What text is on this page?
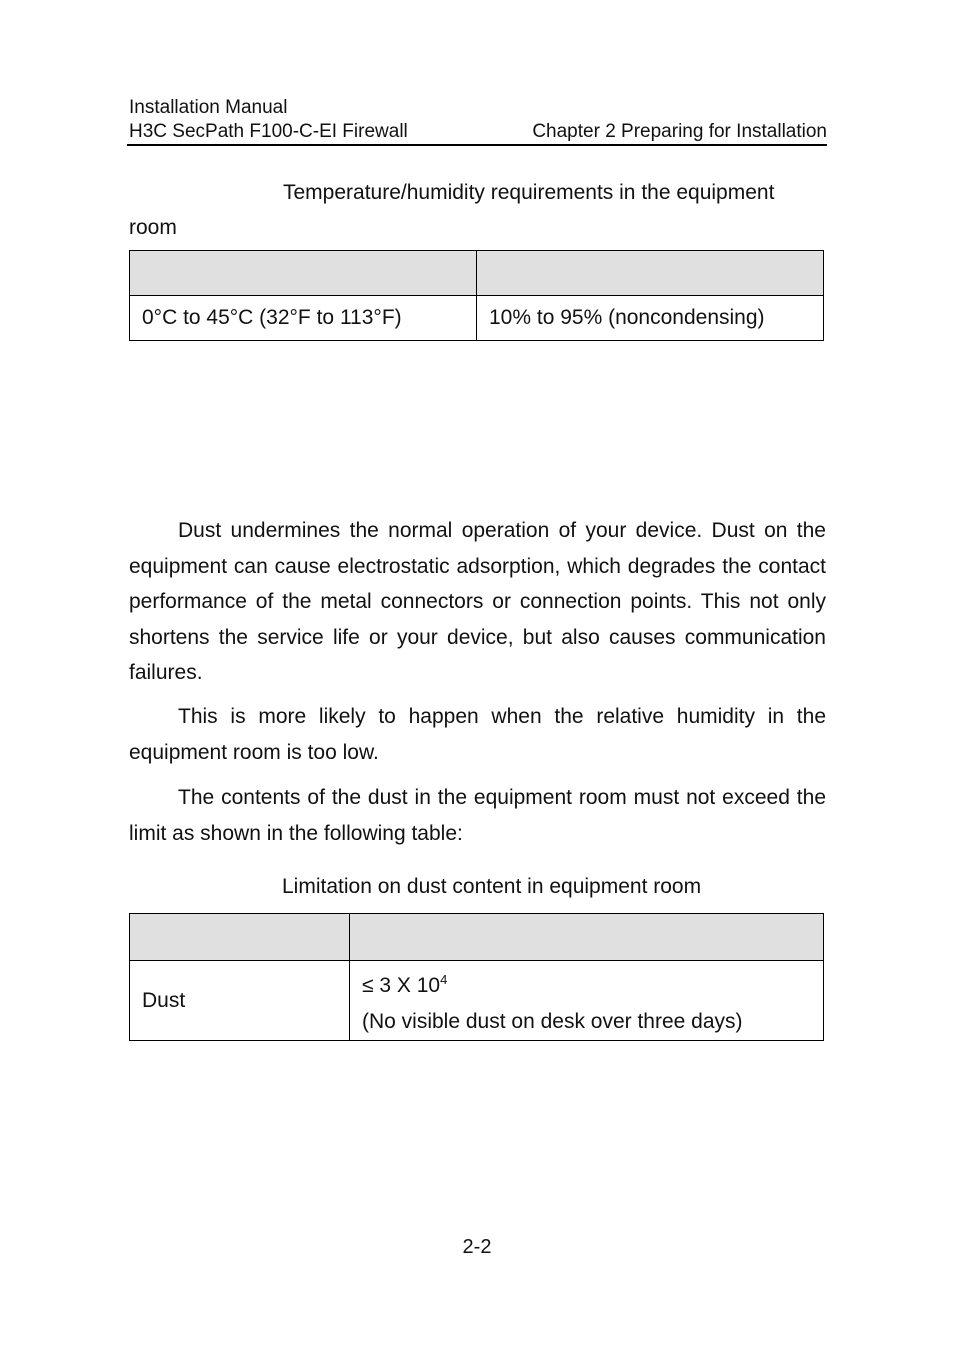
Installation Manual
H3C SecPath F100-C-EI Firewall	Chapter 2 Preparing for Installation
Temperature/humidity requirements in the equipment room

0°C to 45°C (32°F to 113°F)	10% to 95% (noncondensing)
Dust undermines the normal operation of your device. Dust on the equipment can cause electrostatic adsorption, which degrades the contact performance of the metal connectors or connection points. This not only shortens the service life or your device, but also causes communication failures.
This is more likely to happen when the relative humidity in the equipment room is too low.
The contents of the dust in the equipment room must not exceed the limit as shown in the following table:
Limitation on dust content in equipment room

Dust	≤ 3 X $10^4$
(No visible dust on desk over three days)
2-2
